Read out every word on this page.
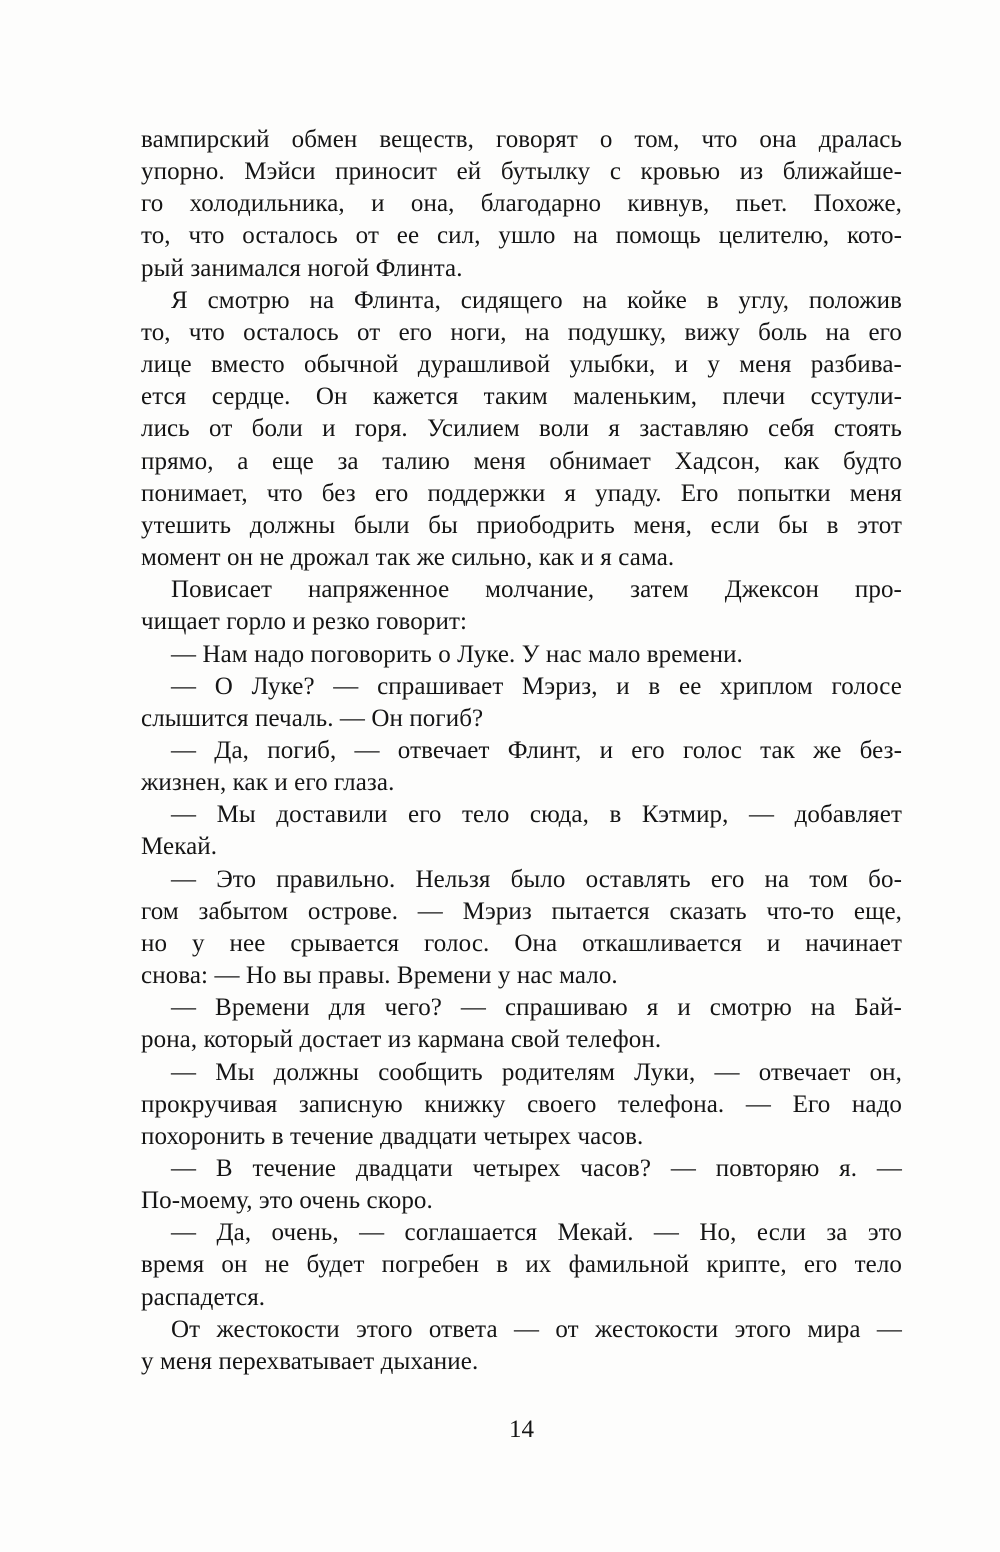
вампирский обмен веществ, говорят о том, что она дралась
упорно. Мэйси приносит ей бутылку с кровью из ближайше-
го холодильника, и она, благодарно кивнув, пьет. Похоже,
то, что осталось от ее сил, ушло на помощь целителю, кото-
рый занимался ногой Флинта.
Я смотрю на Флинта, сидящего на койке в углу, положив
то, что осталось от его ноги, на подушку, вижу боль на его
лице вместо обычной дурашливой улыбки, и у меня разбива-
ется сердце. Он кажется таким маленьким, плечи ссутули-
лись от боли и горя. Усилием воли я заставляю себя стоять
прямо, а еще за талию меня обнимает Хадсон, как будто
понимает, что без его поддержки я упаду. Его попытки меня
утешить должны были бы приободрить меня, если бы в этот
момент он не дрожал так же сильно, как и я сама.
Повисает напряженное молчание, затем Джексон про-
чищает горло и резко говорит:
— Нам надо поговорить о Луке. У нас мало времени.
— О Луке? — спрашивает Мэриз, и в ее хриплом голосе
слышится печаль. — Он погиб?
— Да, погиб, — отвечает Флинт, и его голос так же без-
жизнен, как и его глаза.
— Мы доставили его тело сюда, в Кэтмир, — добавляет
Мекай.
— Это правильно. Нельзя было оставлять его на том бо-
гом забытом острове. — Мэриз пытается сказать что-то еще,
но у нее срывается голос. Она откашливается и начинает
снова: — Но вы правы. Времени у нас мало.
— Времени для чего? — спрашиваю я и смотрю на Бай-
рона, который достает из кармана свой телефон.
— Мы должны сообщить родителям Луки, — отвечает он,
прокручивая записную книжку своего телефона. — Его надо
похоронить в течение двадцати четырех часов.
— В течение двадцати четырех часов? — повторяю я. —
По-моему, это очень скоро.
— Да, очень, — соглашается Мекай. — Но, если за это
время он не будет погребен в их фамильной крипте, его тело
распадется.
От жестокости этого ответа — от жестокости этого мира —
у меня перехватывает дыхание.
14
